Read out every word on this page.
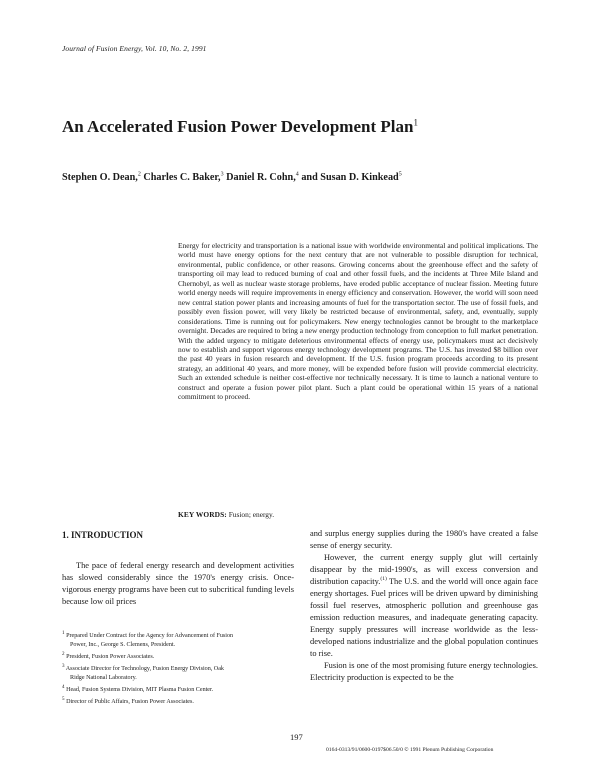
Journal of Fusion Energy, Vol. 10, No. 2, 1991
An Accelerated Fusion Power Development Plan$^1$
Stephen O. Dean,$^2$ Charles C. Baker,$^3$ Daniel R. Cohn,$^4$ and Susan D. Kinkead$^5$
Energy for electricity and transportation is a national issue with worldwide environmental and political implications. The world must have energy options for the next century that are not vulnerable to possible disruption for technical, environmental, public confidence, or other reasons. Growing concerns about the greenhouse effect and the safety of transporting oil may lead to reduced burning of coal and other fossil fuels, and the incidents at Three Mile Island and Chernobyl, as well as nuclear waste storage problems, have eroded public acceptance of nuclear fission. Meeting future world energy needs will require improvements in energy efficiency and conservation. However, the world will soon need new central station power plants and increasing amounts of fuel for the transportation sector. The use of fossil fuels, and possibly even fission power, will very likely be restricted because of environmental, safety, and, eventually, supply considerations. Time is running out for policymakers. New energy technologies cannot be brought to the marketplace overnight. Decades are required to bring a new energy production technology from conception to full market penetration. With the added urgency to mitigate deleterious environmental effects of energy use, policymakers must act decisively now to establish and support vigorous energy technology development programs. The U.S. has invested $8 billion over the past 40 years in fusion research and development. If the U.S. fusion program proceeds according to its present strategy, an additional 40 years, and more money, will be expended before fusion will provide commercial electricity. Such an extended schedule is neither cost-effective nor technically necessary. It is time to launch a national venture to construct and operate a fusion power pilot plant. Such a plant could be operational within 15 years of a national commitment to proceed.
KEY WORDS: Fusion; energy.
1. INTRODUCTION

The pace of federal energy research and development activities has slowed considerably since the 1970's energy crisis. Once-vigorous energy programs have been cut to subcritical funding levels because low oil prices

$^1$ Prepared Under Contract for the Agency for Advancement of Fusion
Power, Inc., George S. Clemens, President.
$^2$ President, Fusion Power Associates.
$^3$ Associate Director for Technology, Fusion Energy Division, Oak
Ridge National Laboratory.
$^4$ Head, Fusion Systems Division, MIT Plasma Fusion Center.
$^5$ Director of Public Affairs, Fusion Power Associates.

and surplus energy supplies during the 1980's have created a false sense of energy security.

However, the current energy supply glut will certainly disappear by the mid-1990's, as will excess conversion and distribution capacity.$^{(1)}$ The U.S. and the world will once again face energy shortages. Fuel prices will be driven upward by diminishing fossil fuel reserves, atmospheric pollution and greenhouse gas emission reduction measures, and inadequate generating capacity. Energy supply pressures will increase worldwide as the less-developed nations industrialize and the global population continues to rise.

Fusion is one of the most promising future energy technologies. Electricity production is expected to be the

197
0164-0313/91/0600-0197$06.50/0 © 1991 Plenum Publishing Corporation
